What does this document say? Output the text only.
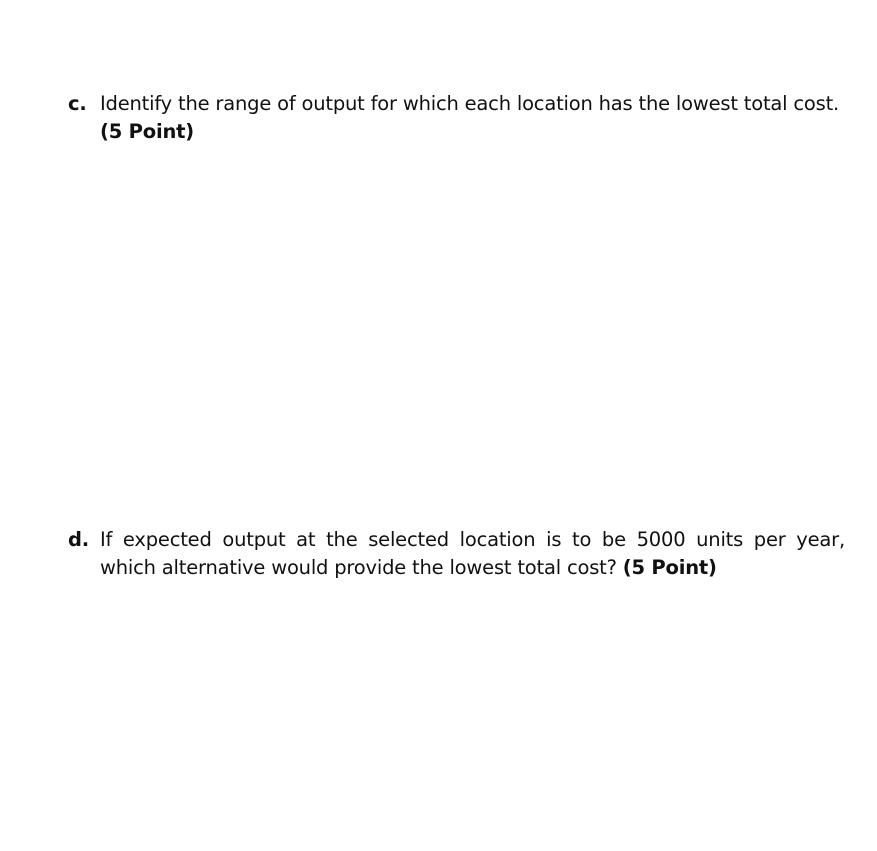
c. Identify the range of output for which each location has the lowest total cost.
(5 Point)
d. If expected output at the selected location is to be 5000 units per year, which alternative would provide the lowest total cost? (5 Point)
